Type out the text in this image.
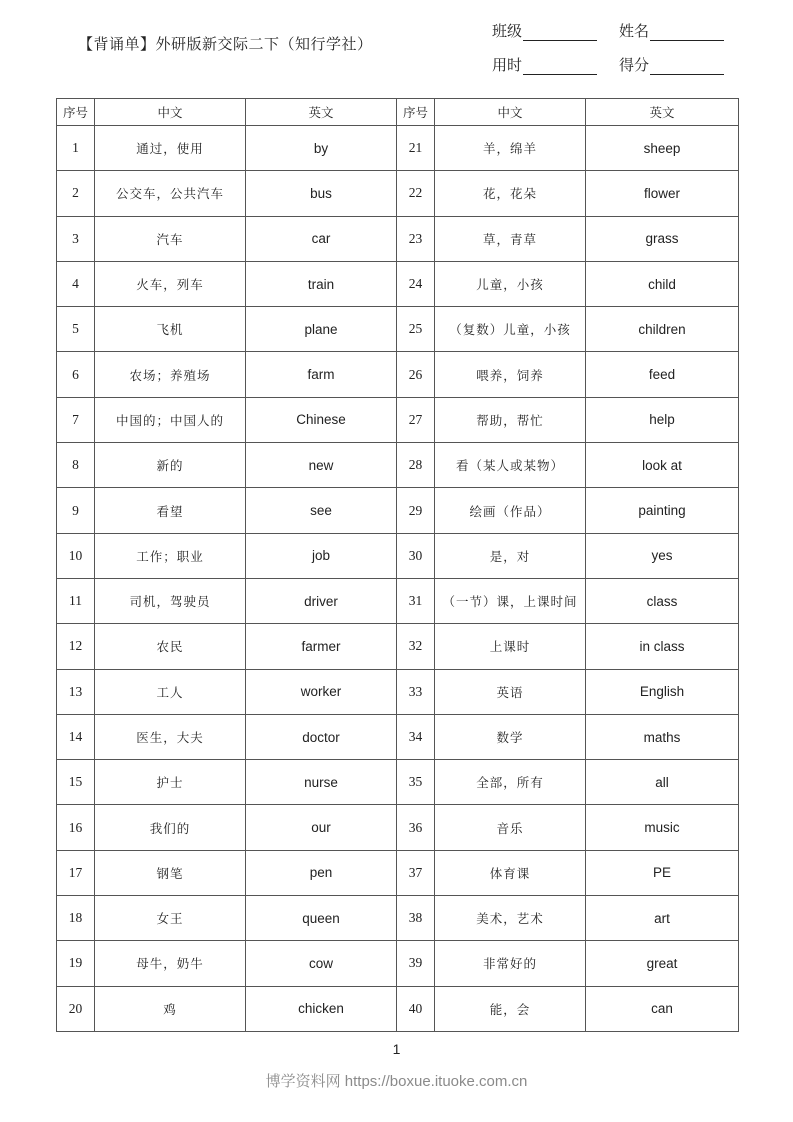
【背诵单】外研版新交际二下（知行学社）
班级	姓名
用时	得分
序号	中文	英文	序号	中文	英文
1	通过，使用	by	21	羊，绵羊	sheep
2	公交车，公共汽车	bus	22	花，花朵	flower
3	汽车	car	23	草，青草	grass
4	火车，列车	train	24	儿童，小孩	child
5	飞机	plane	25	（复数）儿童，小孩	children
6	农场；养殖场	farm	26	喂养，饲养	feed
7	中国的；中国人的	Chinese	27	帮助，帮忙	help
8	新的	new	28	看（某人或某物）	look at
9	看望	see	29	绘画（作品）	painting
10	工作；职业	job	30	是，对	yes
11	司机，驾驶员	driver	31	（一节）课，上课时间	class
12	农民	farmer	32	上课时	in class
13	工人	worker	33	英语	English
14	医生，大夫	doctor	34	数学	maths
15	护士	nurse	35	全部，所有	all
16	我们的	our	36	音乐	music
17	钢笔	pen	37	体育课	PE
18	女王	queen	38	美术，艺术	art
19	母牛，奶牛	cow	39	非常好的	great
20	鸡	chicken	40	能，会	can
1
博学资料网 https://boxue.ituoke.com.cn
